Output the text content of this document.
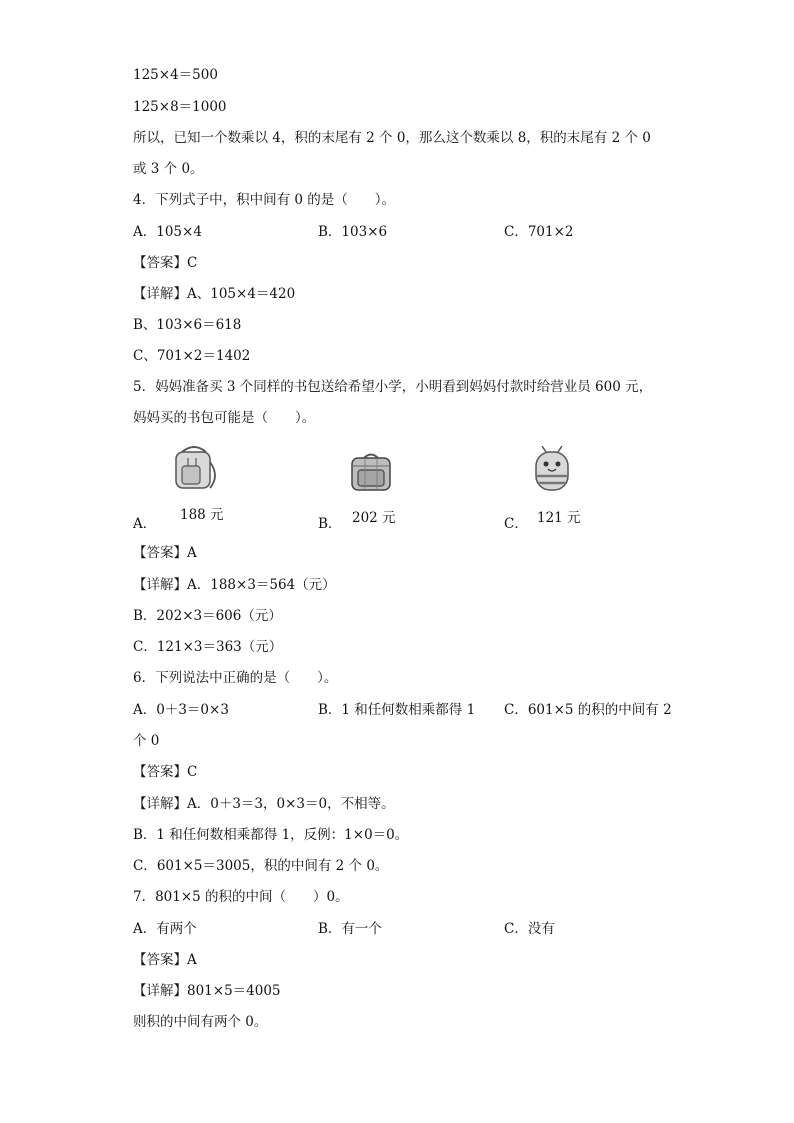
125×4＝500
125×8＝1000
所以，已知一个数乘以 4，积的末尾有 2 个 0，那么这个数乘以 8，积的末尾有 2 个 0
或 3 个 0。
4．下列式子中，积中间有 0 的是（　　）。
A．105×4	B．103×6	C．701×2
【答案】C
【详解】A、105×4＝420
B、103×6＝618
C、701×2＝1402
5．妈妈准备买 3 个同样的书包送给希望小学，小明看到妈妈付款时给营业员 600 元，
妈妈买的书包可能是（　　）。
A．
188 元
B． 202 元	C． 121 元
【答案】A
【详解】A．188×3＝564（元）
B．202×3＝606（元）
C．121×3＝363（元）
6．下列说法中正确的是（　　）。
A．0＋3＝0×3	B．1 和任何数相乘都得 1 C．601×5 的积的中间有 2
个 0
【答案】C
【详解】A．0＋3＝3，0×3＝0，不相等。
B．1 和任何数相乘都得 1，反例：1×0＝0。
C．601×5＝3005，积的中间有 2 个 0。
7．801×5 的积的中间（　　）0。
A．有两个	B．有一个	C．没有
【答案】A
【详解】801×5＝4005
则积的中间有两个 0。
